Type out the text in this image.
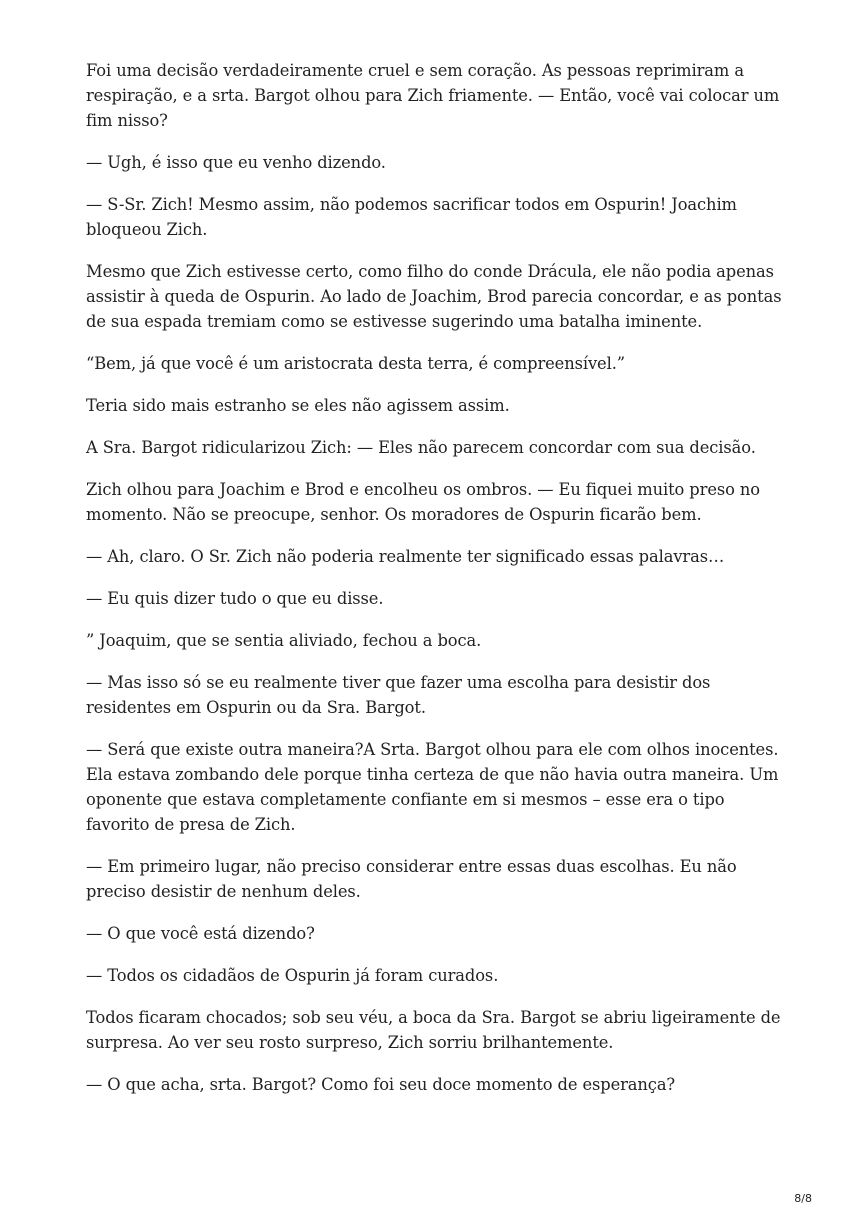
Foi uma decisão verdadeiramente cruel e sem coração. As pessoas reprimiram a respiração, e a srta. Bargot olhou para Zich friamente. — Então, você vai colocar um fim nisso?

— Ugh, é isso que eu venho dizendo.

— S-Sr. Zich! Mesmo assim, não podemos sacrificar todos em Ospurin! Joachim bloqueou Zich.

Mesmo que Zich estivesse certo, como filho do conde Drácula, ele não podia apenas assistir à queda de Ospurin. Ao lado de Joachim, Brod parecia concordar, e as pontas de sua espada tremiam como se estivesse sugerindo uma batalha iminente.

“Bem, já que você é um aristocrata desta terra, é compreensível.”

Teria sido mais estranho se eles não agissem assim.

A Sra. Bargot ridicularizou Zich: — Eles não parecem concordar com sua decisão.

Zich olhou para Joachim e Brod e encolheu os ombros. — Eu fiquei muito preso no momento. Não se preocupe, senhor. Os moradores de Ospurin ficarão bem.

— Ah, claro. O Sr. Zich não poderia realmente ter significado essas palavras…

— Eu quis dizer tudo o que eu disse.

” Joaquim, que se sentia aliviado, fechou a boca.

— Mas isso só se eu realmente tiver que fazer uma escolha para desistir dos residentes em Ospurin ou da Sra. Bargot.

— Será que existe outra maneira?A Srta. Bargot olhou para ele com olhos inocentes. Ela estava zombando dele porque tinha certeza de que não havia outra maneira. Um oponente que estava completamente confiante em si mesmos – esse era o tipo favorito de presa de Zich.

— Em primeiro lugar, não preciso considerar entre essas duas escolhas. Eu não preciso desistir de nenhum deles.

— O que você está dizendo?

— Todos os cidadãos de Ospurin já foram curados.

Todos ficaram chocados; sob seu véu, a boca da Sra. Bargot se abriu ligeiramente de surpresa. Ao ver seu rosto surpreso, Zich sorriu brilhantemente.

— O que acha, srta. Bargot? Como foi seu doce momento de esperança?

8/8
